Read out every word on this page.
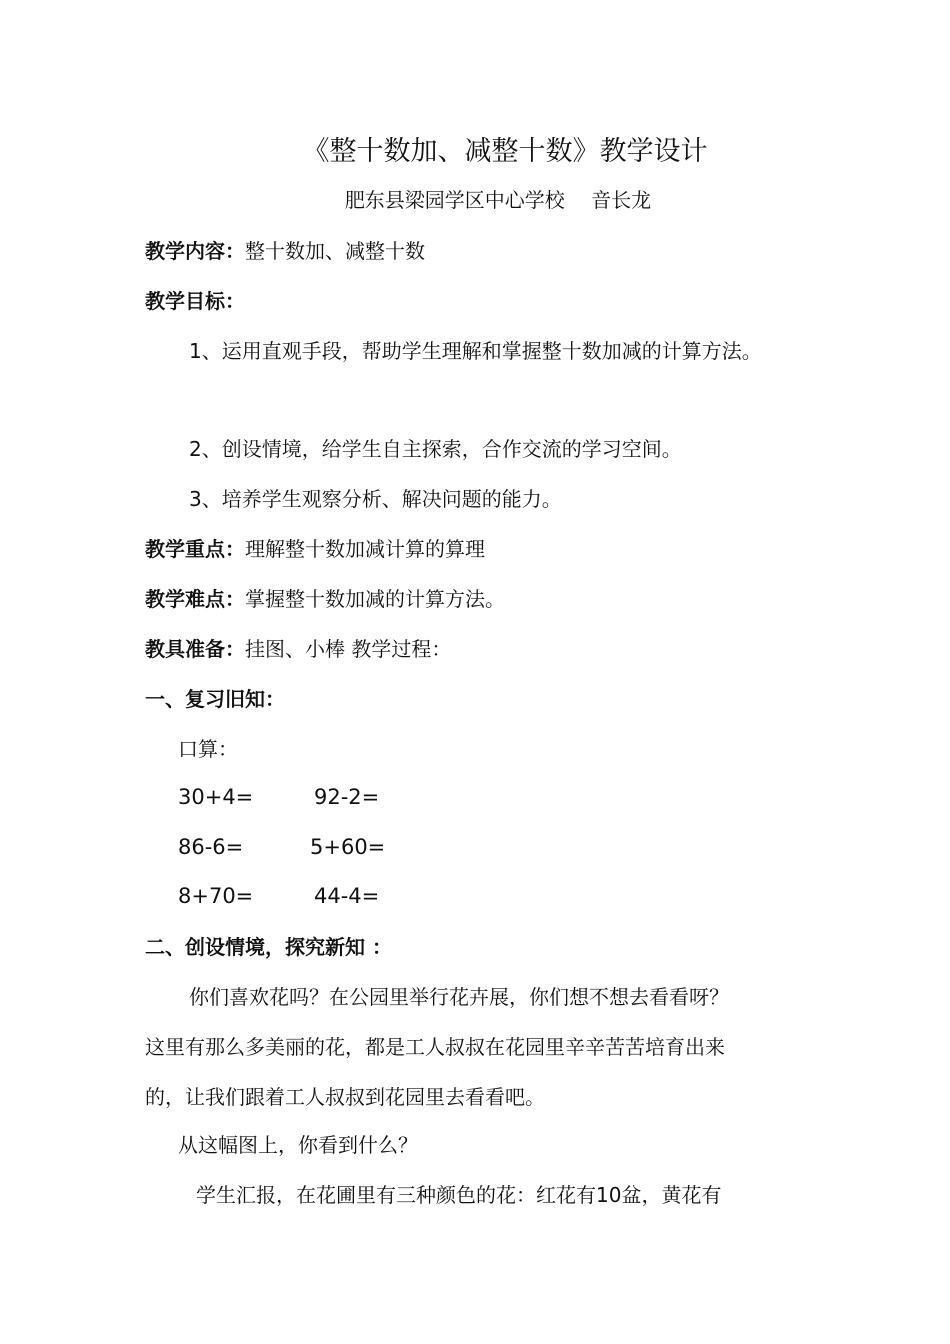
《整十数加、减整十数》教学设计
肥东县梁园学区中心学校　 音长龙
教学内容：整十数加、减整十数
教学目标：
1、运用直观手段，帮助学生理解和掌握整十数加减的计算方法。
2、创设情境，给学生自主探索，合作交流的学习空间。
3、培养学生观察分析、解决问题的能力。
教学重点：理解整十数加减计算的算理
教学难点：掌握整十数加减的计算方法。
教具准备：挂图、小棒 教学过程：
一、复习旧知：
口算：
30+4=	92-2=
86-6=	5+60=
8+70=	44-4=
二、创设情境，探究新知 ：
你们喜欢花吗？在公园里举行花卉展，你们想不想去看看呀？
这里有那么多美丽的花，都是工人叔叔在花园里辛辛苦苦培育出来
的，让我们跟着工人叔叔到花园里去看看吧。
从这幅图上，你看到什么？
学生汇报，在花圃里有三种颜色的花：红花有10盆，黄花有
